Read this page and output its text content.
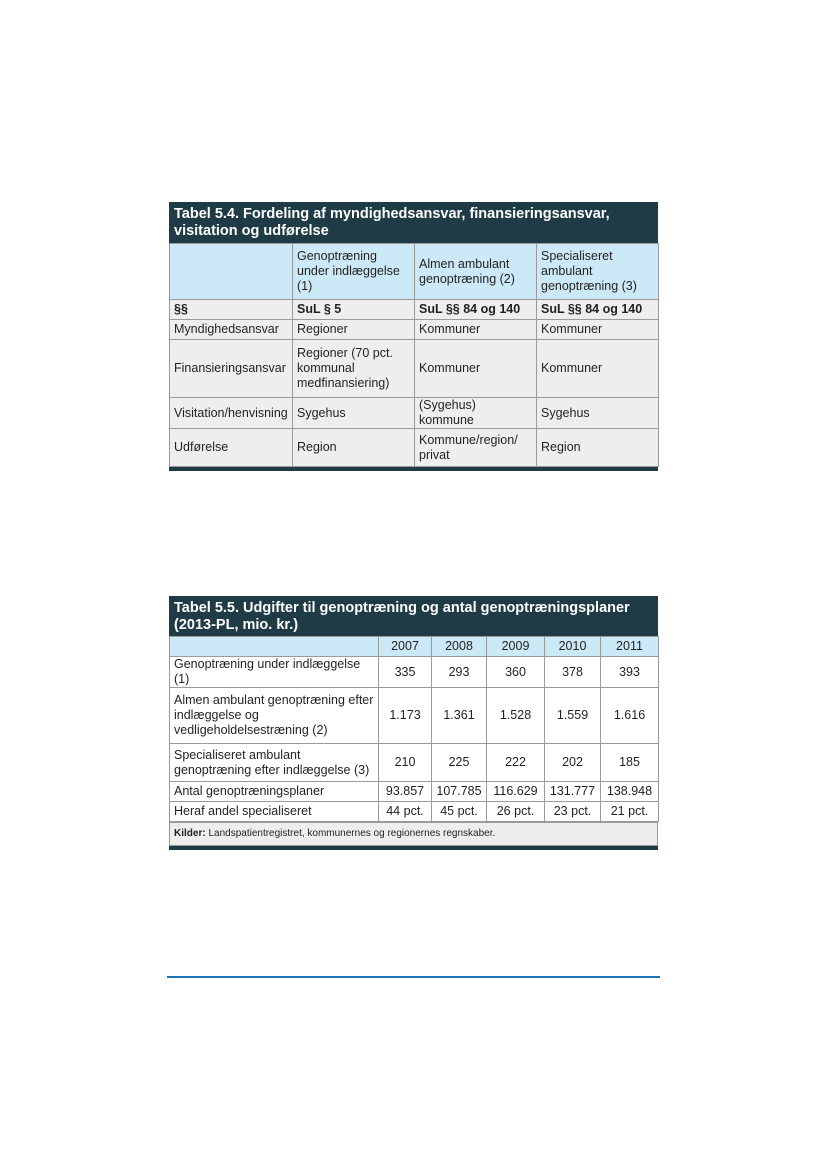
Tabel 5.4. Fordeling af myndighedsansvar, finansieringsansvar, visitation og udførelse
	Genoptræning under indlæggelse (1)	Almen ambulant genoptræning (2)	Specialiseret ambulant genoptræning (3)
§§	SuL § 5	SuL §§ 84 og 140	SuL §§ 84 og 140
Myndighedsansvar	Regioner	Kommuner	Kommuner
Finansieringsansvar	Regioner (70 pct. kommunal medfinansiering)	Kommuner	Kommuner
Visitation/henvisning	Sygehus	(Sygehus) kommune	Sygehus
Udførelse	Region	Kommune/region/ privat	Region
Tabel 5.5. Udgifter til genoptræning og antal genoptræningsplaner (2013-PL, mio. kr.)
	2007	2008	2009	2010	2011
Genoptræning under indlæggelse (1)	335	293	360	378	393
Almen ambulant genoptræning efter indlæggelse og vedligeholdelsestræning (2)	1.173	1.361	1.528	1.559	1.616
Specialiseret ambulant genoptræning efter indlæggelse (3)	210	225	222	202	185
Antal genoptræningsplaner	93.857	107.785	116.629	131.777	138.948
Heraf andel specialiseret	44 pct.	45 pct.	26 pct.	23 pct.	21 pct.
Kilder: Landspatientregistret, kommunernes og regionernes regnskaber.
